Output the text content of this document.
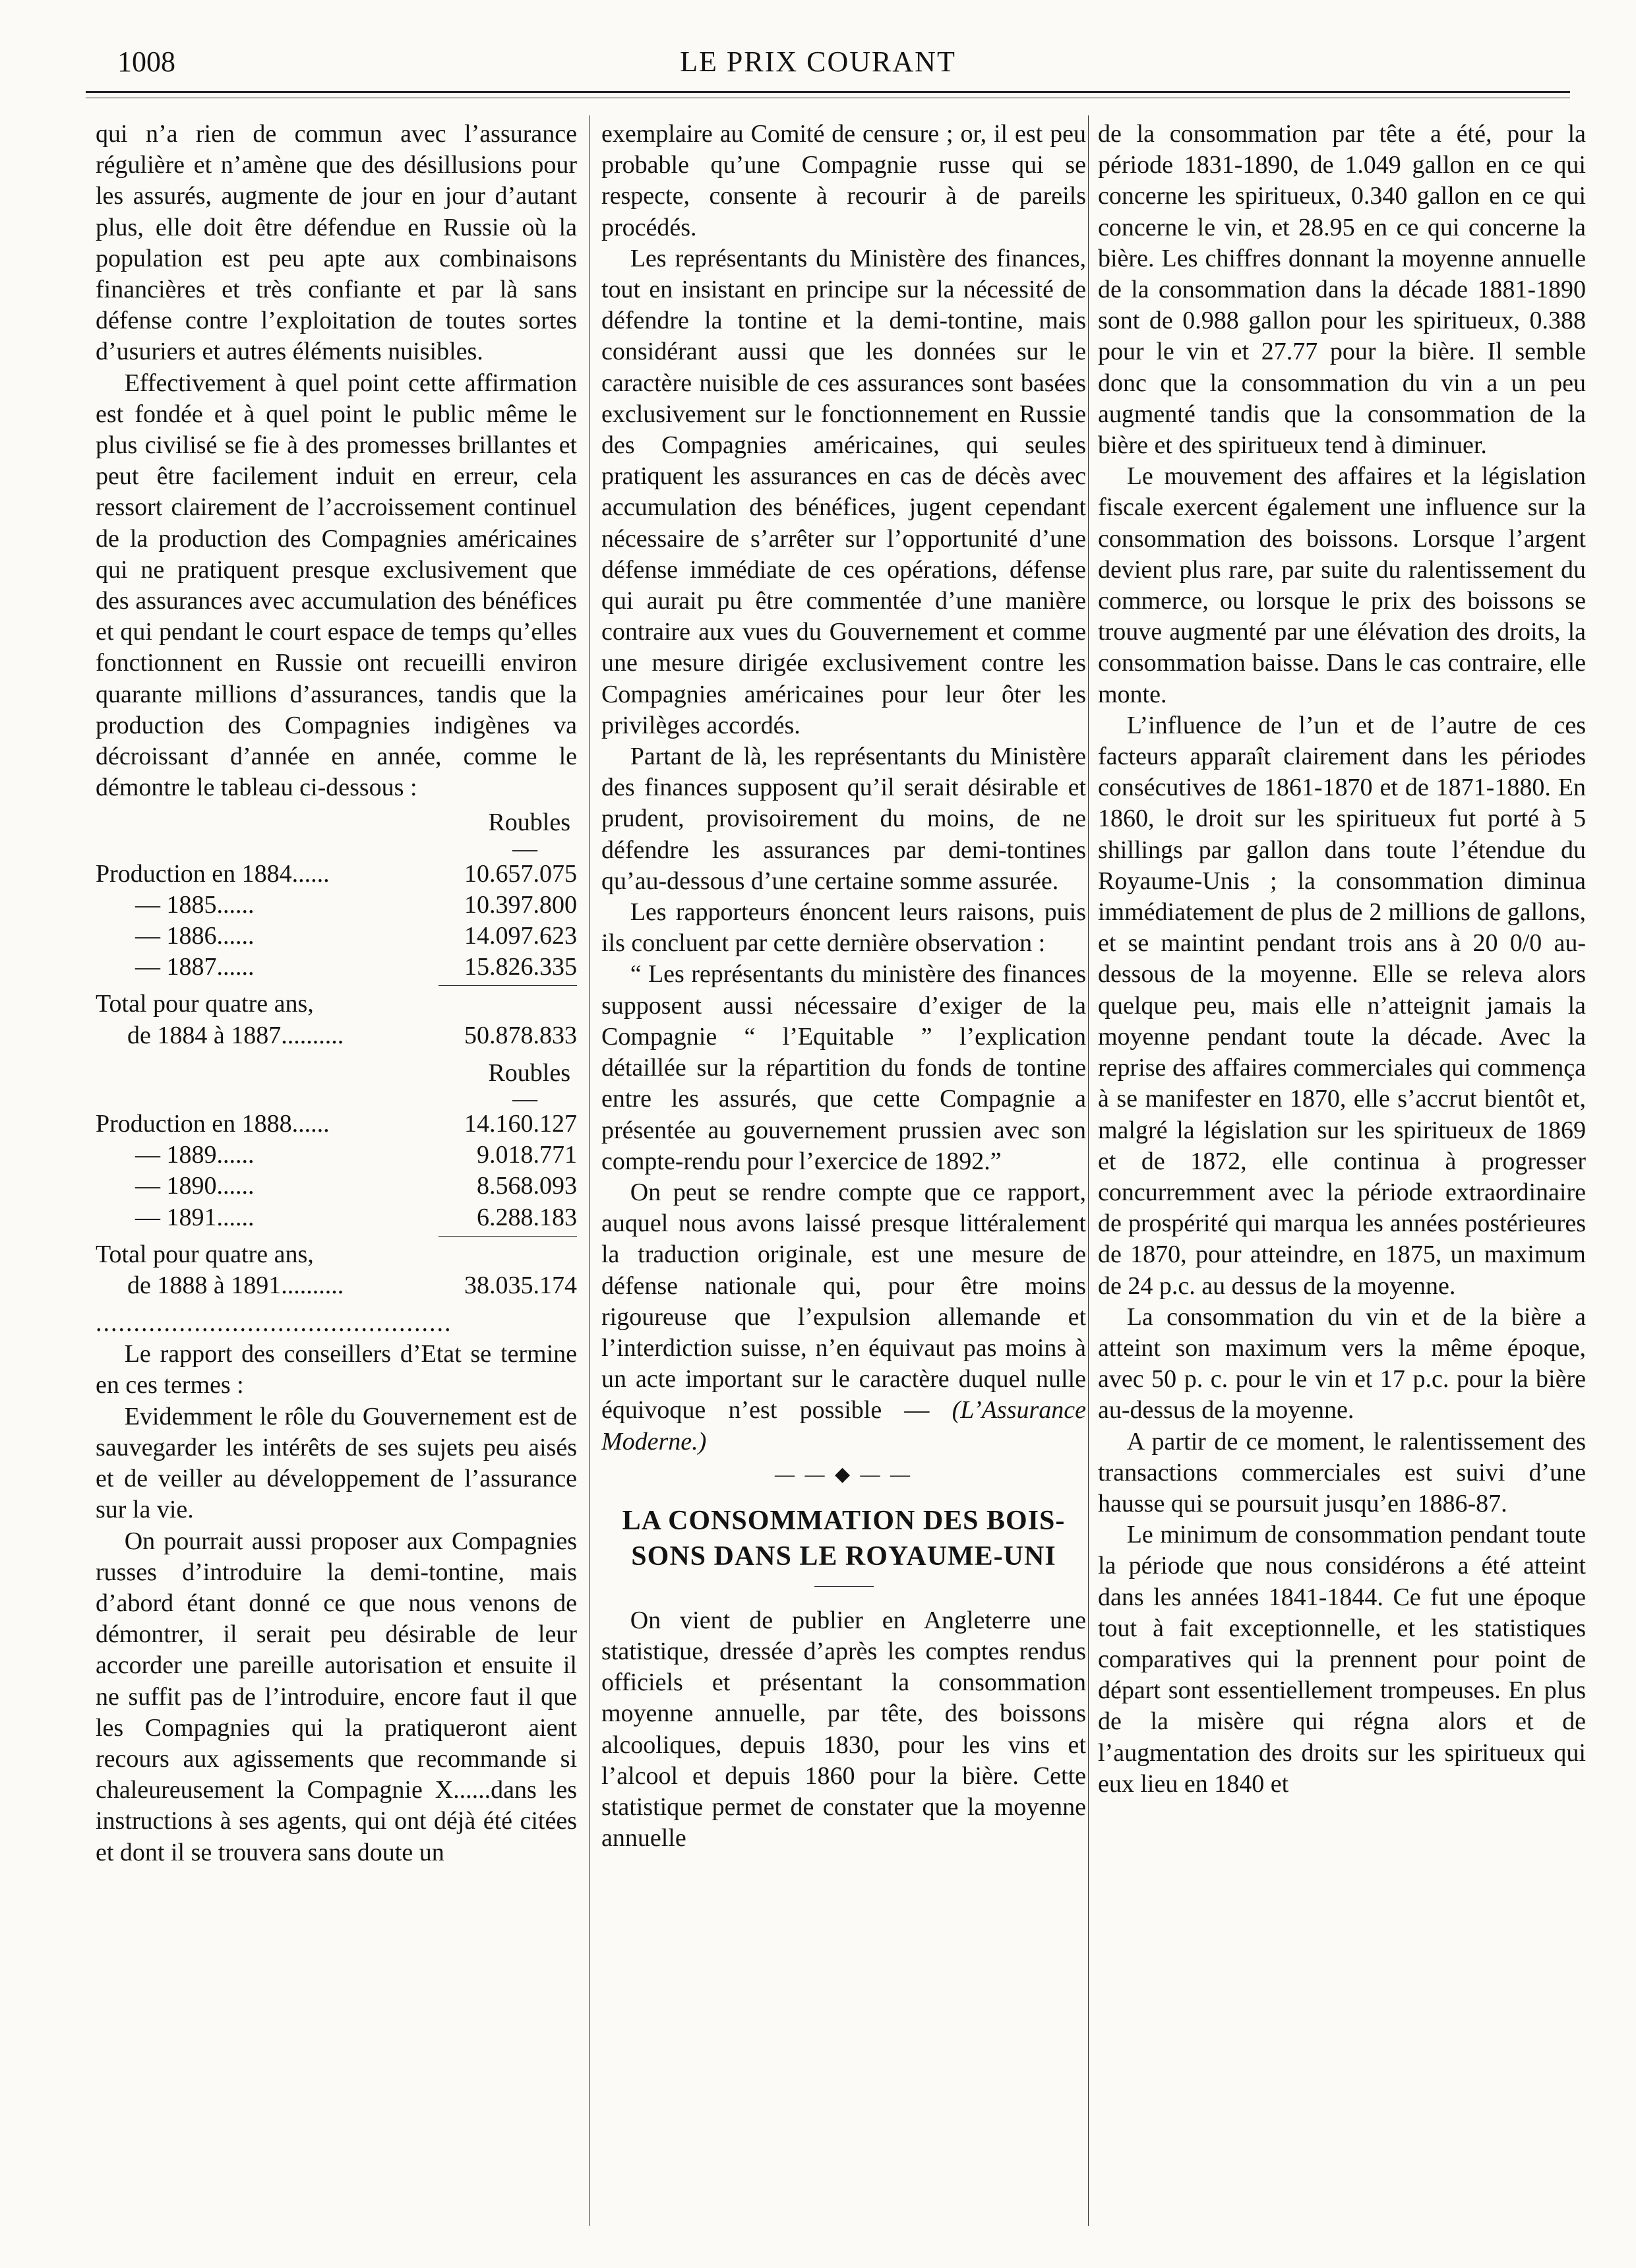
1008	LE PRIX COURANT

qui n’a rien de commun avec l’assurance régulière et n’amène que des désillusions pour les assurés, augmente de jour en jour d’autant plus, elle doit être défendue en Russie où la population est peu apte aux combinaisons financières et très confiante et par là sans défense contre l’exploitation de toutes sortes d’usuriers et autres éléments nuisibles.

Effectivement à quel point cette affirmation est fondée et à quel point le public même le plus civilisé se fie à des promesses brillantes et peut être facilement induit en erreur, cela ressort clairement de l’accroissement continuel de la production des Compagnies américaines qui ne pratiquent presque exclusivement que des assurances avec accumulation des bénéfices et qui pendant le court espace de temps qu’elles fonctionnent en Russie ont recueilli environ quarante millions d’assurances, tandis que la production des Compagnies indigènes va décroissant d’année en année, comme le démontre le tableau ci-dessous :

Roubles
—
Production en 1884......	10.657.075
— 1885......	10.397.800
— 1886......	14.097.623
— 1887......	15.826.335
Total pour quatre ans,
de 1884 à 1887..........	50.878.833
Roubles
—
Production en 1888......	14.160.127
— 1889......	9.018.771
— 1890......	8.568.093
— 1891......	6.288.183
Total pour quatre ans,
de 1888 à 1891..........	38.035.174
...............................................

Le rapport des conseillers d’Etat se termine en ces termes :

Evidemment le rôle du Gouvernement est de sauvegarder les intérêts de ses sujets peu aisés et de veiller au développement de l’assurance sur la vie.

On pourrait aussi proposer aux Compagnies russes d’introduire la demi-tontine, mais d’abord étant donné ce que nous venons de démontrer, il serait peu désirable de leur accorder une pareille autorisation et ensuite il ne suffit pas de l’introduire, encore faut il que les Compagnies qui la pratiqueront aient recours aux agissements que recommande si chaleureusement la Compagnie X......dans les instructions à ses agents, qui ont déjà été citées et dont il se trouvera sans doute un

exemplaire au Comité de censure ; or, il est peu probable qu’une Compagnie russe qui se respecte, consente à recourir à de pareils procédés.

Les représentants du Ministère des finances, tout en insistant en principe sur la nécessité de défendre la tontine et la demi-tontine, mais considérant aussi que les données sur le caractère nuisible de ces assurances sont basées exclusivement sur le fonctionnement en Russie des Compagnies américaines, qui seules pratiquent les assurances en cas de décès avec accumulation des bénéfices, jugent cependant nécessaire de s’arrêter sur l’opportunité d’une défense immédiate de ces opérations, défense qui aurait pu être commentée d’une manière contraire aux vues du Gouvernement et comme une mesure dirigée exclusivement contre les Compagnies américaines pour leur ôter les privilèges accordés.

Partant de là, les représentants du Ministère des finances supposent qu’il serait désirable et prudent, provisoirement du moins, de ne défendre les assurances par demi-tontines qu’au-dessous d’une certaine somme assurée.

Les rapporteurs énoncent leurs raisons, puis ils concluent par cette dernière observation :

“ Les représentants du ministère des finances supposent aussi nécessaire d’exiger de la Compagnie “ l’Equitable ” l’explication détaillée sur la répartition du fonds de tontine entre les assurés, que cette Compagnie a présentée au gouvernement prussien avec son compte-rendu pour l’exercice de 1892.”

On peut se rendre compte que ce rapport, auquel nous avons laissé presque littéralement la traduction originale, est une mesure de défense nationale qui, pour être moins rigoureuse que l’expulsion allemande et l’interdiction suisse, n’en équivaut pas moins à un acte important sur le caractère duquel nulle équivoque n’est possible — (L’Assurance Moderne.)

— — ◆ — —
LA CONSOMMATION DES BOIS-
SONS DANS LE ROYAUME-UNI

On vient de publier en Angleterre une statistique, dressée d’après les comptes rendus officiels et présentant la consommation moyenne annuelle, par tête, des boissons alcooliques, depuis 1830, pour les vins et l’alcool et depuis 1860 pour la bière. Cette statistique permet de constater que la moyenne annuelle

de la consommation par tête a été, pour la période 1831-1890, de 1.049 gallon en ce qui concerne les spiritueux, 0.340 gallon en ce qui concerne le vin, et 28.95 en ce qui concerne la bière. Les chiffres donnant la moyenne annuelle de la consommation dans la décade 1881-1890 sont de 0.988 gallon pour les spiritueux, 0.388 pour le vin et 27.77 pour la bière. Il semble donc que la consommation du vin a un peu augmenté tandis que la consommation de la bière et des spiritueux tend à diminuer.

Le mouvement des affaires et la législation fiscale exercent également une influence sur la consommation des boissons. Lorsque l’argent devient plus rare, par suite du ralentissement du commerce, ou lorsque le prix des boissons se trouve augmenté par une élévation des droits, la consommation baisse. Dans le cas contraire, elle monte.

L’influence de l’un et de l’autre de ces facteurs apparaît clairement dans les périodes consécutives de 1861-1870 et de 1871-1880. En 1860, le droit sur les spiritueux fut porté à 5 shillings par gallon dans toute l’étendue du Royaume-Unis ; la consommation diminua immédiatement de plus de 2 millions de gallons, et se maintint pendant trois ans à 20 0/0 au-dessous de la moyenne. Elle se releva alors quelque peu, mais elle n’atteignit jamais la moyenne pendant toute la décade. Avec la reprise des affaires commerciales qui commença à se manifester en 1870, elle s’accrut bientôt et, malgré la législation sur les spiritueux de 1869 et de 1872, elle continua à progresser concurremment avec la période extraordinaire de prospérité qui marqua les années postérieures de 1870, pour atteindre, en 1875, un maximum de 24 p.c. au dessus de la moyenne.

La consommation du vin et de la bière a atteint son maximum vers la même époque, avec 50 p. c. pour le vin et 17 p.c. pour la bière au-dessus de la moyenne.

A partir de ce moment, le ralentissement des transactions commerciales est suivi d’une hausse qui se poursuit jusqu’en 1886-87.

Le minimum de consommation pendant toute la période que nous considérons a été atteint dans les années 1841-1844. Ce fut une époque tout à fait exceptionnelle, et les statistiques comparatives qui la prennent pour point de départ sont essentiellement trompeuses. En plus de la misère qui régna alors et de l’augmentation des droits sur les spiritueux qui eux lieu en 1840 et
